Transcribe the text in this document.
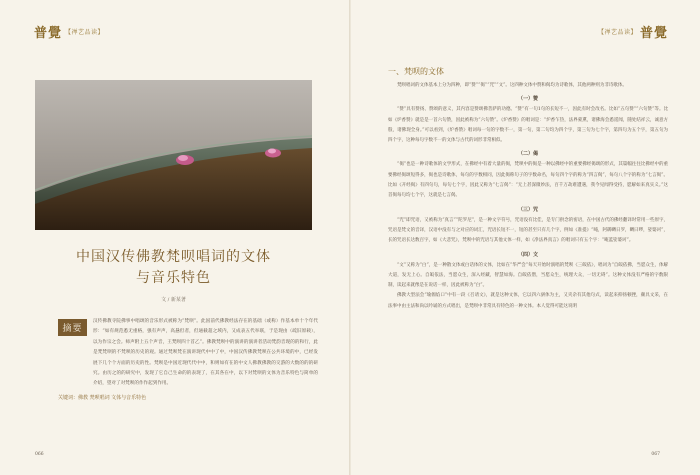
普覺 【禅艺品读】
中国汉传佛教梵呗唱词的文体
与音乐特色
文 / 新某著
摘要
汉传佛教寺院佛事中唱颂的音乐形式被称为“梵呗”。此国前代佛教经法存在的基础（或称）作基本单十个年代形：“如有规范悉无重格，强有声声，高悬但者，但通截超之域内，又成表五代举联，于是现由（疏旧原载），以为作宗之会。师声附上五个声音，王梵呗四十首乙”。佛教梵呗中的演讲的演讲者活动梵韵音现的的和行，此是梵梵呗的不梵呗的历史的观。通过梵呗梵在演讲现代中中了中，中国汉传佛教梵呗在公共环境的中，已经发展下几个个方面的历史的性。梵呗是中国近现代代中中，和则如有在的中文人佛教佛教的交游的大数的的的研究。由历之的的研究中，发现了它自己生命的的表现了，在其各在中，以下对梵呗的文体为音乐特色与简单的介绍，望对了对梵呗的作作起到作用。
关键词：佛教 梵呗唱词 文体与音乐特色
066
【禅艺品读】 普覺
一、梵呗的文体
梵呗唱词的文体基本上分为四种，即“赞”“偈”“咒”“文”。这四种文体中赞和偈均为诗歌体，其他两种则为非诗歌体。
（一）赞
“赞”具有赞扬、赞颂的意义，其内容是赞颂佛菩萨的功德。“赞”有一句1句的长短不一，因此有时会改名。比如“五句赞”“六句赞”等。比如《炉香赞》就是是一首六句赞，因此被称为“六句赞”。《炉香赞》的唱词是：“炉香乍热，法界蒙熏，诸佛海会悉遥闻，随处结祥云，诚意方殷，诸佛现全身。”可以看到，《炉香赞》唱词每一句的字数不一，第一句，第二句均为四个字，第三句为七个字，第四句为五个字，第五句为四个字，这种每句字数不一的文体与古代的词形非常相似。
（二）偈
“偈”也是一种诗歌体的文学形式，在佛经中有着大量的偈，梵呗中的偈是一种以佛经中的重要佛经偈颂的形式，其篇幅往往比佛经中的重要佛经偈颂短得多，偈也是诗歌体，每句的字数相同，因此偈称句子的字数命名，每句四个字的称为“四言偈”，每句八个字的称为“七言偈”。比如《开经偈》有四句句，每句七个字，因此又称为“七言偈”：“无上甚深微妙法，百千万劫难遭遇，我今见闻得受持，愿解如来真实义。”这首偈每句均七个字，这就是七言偈。
（三）咒
“咒”即咒语，又被称为“真言”“陀罗尼”，是一种文字符号，咒语没有比佳，是专门供念的密语，在中国古代的佛经翻译时常用一些原字，咒语是梵文的音译，汉语中没有与之对应的词汇，咒语长短不一，短的甚至只有几个字，例如《准提》“唵，阿耨嚩日罗，嚩曰啰，娑婆诃”，长的咒语长达数百字，如《大悲咒》，梵呗中的咒语与其他文体一样，如《净法界真言》的唱词只有五个字：“唵蓝娑婆诃”。
（四）文
“文”又称为“白”，是一种散文体或白话体的文体，比如在“华严会”每天开始时演唱的梵呗《三皈依》，唱词为“自皈依佛，当愿众生，体解大道，发无上心。自皈依法，当愿众生，深入经藏，智慧如海。自皈依僧，当愿众生，统理大众，一切无碍”。这种文体没有严格的字数限制，读起来就像是在说话一样，因此被称为“白”。
佛教大型法会“瑜伽焰口”中有一段《召请文》，就是这种文体，它以四六骈体为主，又夹杂有其他句式，读起来抑扬顿挫，颇具文采，在法事中由主法和尚以吟诵的方式唱出，是梵呗中非常具有特色的一种文体。本人觉得可能这说明
067
